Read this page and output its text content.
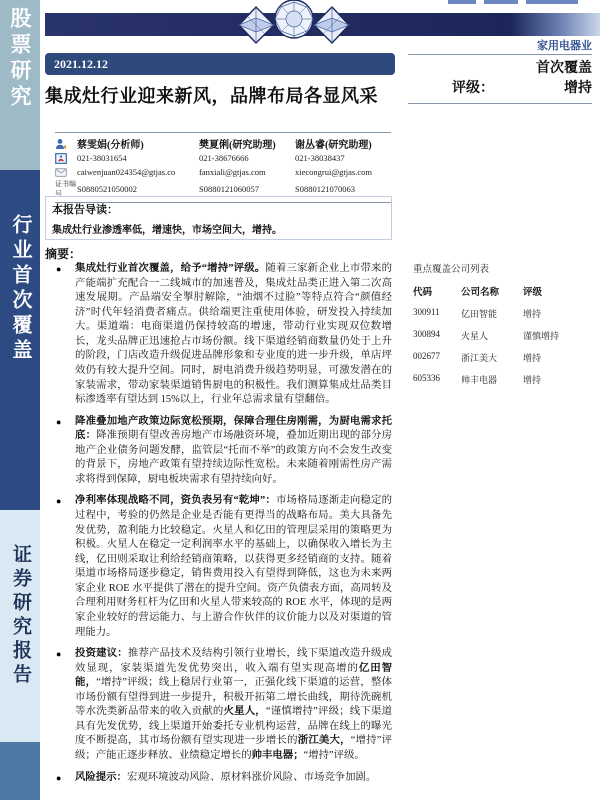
股票研究
行业首次覆盖
证券研究报告
家用电器业
首次覆盖
评级：	增持
2021.12.12
集成灶行业迎来新风，品牌布局各显风采
蔡雯娟(分析师)	樊夏俐(研究助理)	谢丛睿(研究助理)
021-38031654	021-38676666	021-38038437
caiwenjuan024354@gtjas.co	fanxiali@gtjas.com	xiecongrui@gtjas.com
证书编号	S0880521050002	S0880121060057	S0880121070063
本报告导读：
集成灶行业渗透率低，增速快，市场空间大，增持。
摘要：
● 集成灶行业首次覆盖，给予“增持”评级。随着三家新企业上市带来的产能端扩充配合一二线城市的加速普及，集成灶品类正进入第二次高速发展期。产品端安全掣肘解除，“油烟不过脸”等特点符合“颜值经济”时代年轻消费者痛点。供给端更注重使用体验，研发投入持续加大。渠道端：电商渠道仍保持较高的增速，带动行业实现双位数增长，龙头品牌正迅速抢占市场份额。线下渠道经销商数量仍处于上升的阶段，门店改造升级促进品牌形象和专业度的进一步升级，单店坪效仍有较大提升空间。同时，厨电消费升级趋势明显，可激发潜在的家装需求，带动家装渠道销售厨电的积极性。我们测算集成灶品类目标渗透率有望达到 15%以上，行业年总需求量有望翻倍。
● 降准叠加地产政策边际宽松预期，保障合理住房刚需，为厨电需求托底：降准预期有望改善房地产市场融资环境，叠加近期出现的部分房地产企业债务问题发酵，监管层“托而不举”的政策方向不会发生改变的背景下，房地产政策有望持续边际性宽松。未来随着刚需性房产需求将得到保障，厨电板块需求有望持续向好。
● 净利率体现战略不同，资负表另有“乾坤”：市场格局逐渐走向稳定的过程中，考验的仍然是企业是否能有更得当的战略布局。美大具备先发优势，盈利能力比较稳定。火星人和亿田的管理层采用的策略更为积极。火星人在稳定一定利润率水平的基础上，以确保收入增长为主线，亿田则采取让利给经销商策略，以获得更多经销商的支持。随着渠道市场格局逐步稳定，销售费用投入有望得到降低，这也为未来两家企业 ROE 水平提供了潜在的提升空间。资产负债表方面，高周转及合理利用财务杠杆为亿田和火星人带来较高的 ROE 水平，体现的是两家企业较好的营运能力、与上游合作伙伴的议价能力以及对渠道的管理能力。
● 投资建议：推荐产品技术及结构引领行业增长，线下渠道改造升级成效显现，家装渠道先发优势突出，收入端有望实现高增的亿田智能，“增持”评级；线上稳居行业第一，正强化线下渠道的运营，整体市场份额有望得到进一步提升，积极开拓第二增长曲线，期待洗碗机等水洗类新品带来的收入贡献的火星人，“谨慎增持”评级；线下渠道具有先发优势，线上渠道开始委托专业机构运营，品牌在线上的曝光度不断提高，其市场份额有望实现进一步增长的浙江美大，“增持”评级；产能正逐步释放、业绩稳定增长的帅丰电器；“增持”评级。
● 风险提示：宏观环境波动风险、原材料涨价风险、市场竞争加剧。
重点覆盖公司列表
代码	公司名称	评级
300911	亿田智能	增持
300894	火星人	谨慎增持
002677	浙江美大	增持
605336	帅丰电器	增持
